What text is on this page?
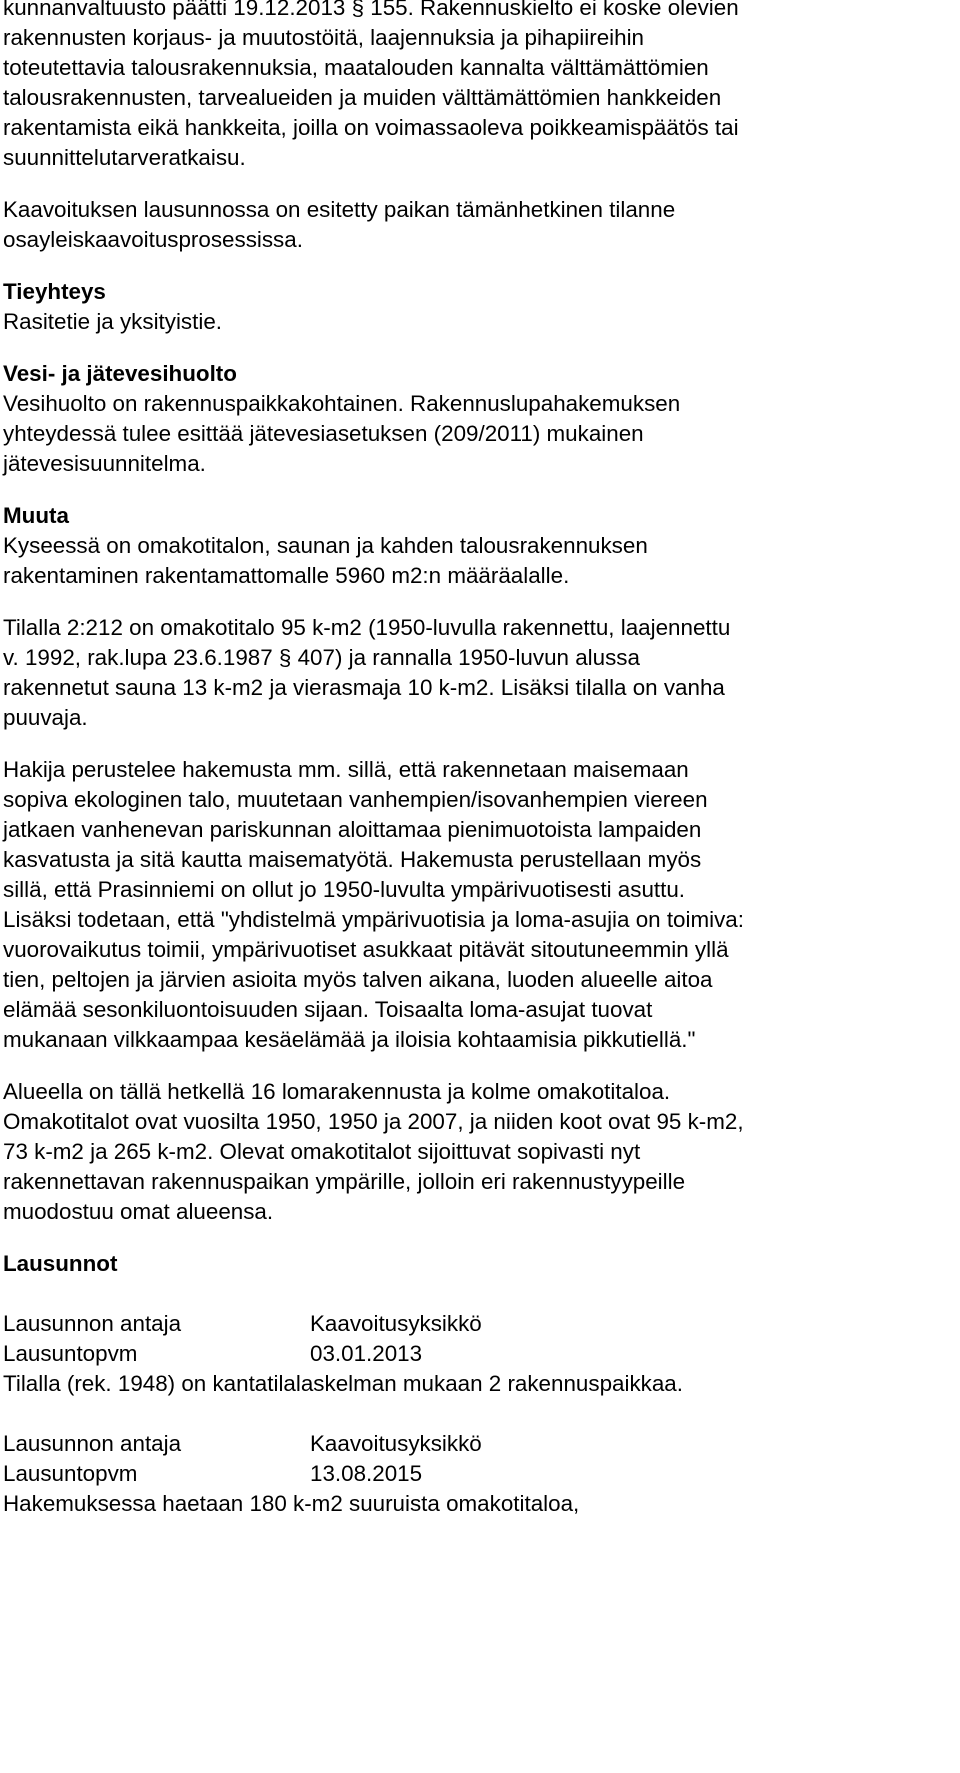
kunnanvaltuusto päätti 19.12.2013 § 155. Rakennuskielto ei koske olevien
rakennusten korjaus- ja muutostöitä, laajennuksia ja pihapiireihin
toteutettavia talousrakennuksia, maatalouden kannalta välttämättömien
talousrakennusten, tarvealueiden ja muiden välttämättömien hankkeiden
rakentamista eikä hankkeita, joilla on voimassaoleva poikkeamispäätös tai
suunnittelutarveratkaisu.
Kaavoituksen lausunnossa on esitetty paikan tämänhetkinen tilanne
osayleiskaavoitusprosessissa.
Tieyhteys
Rasitetie ja yksityistie.
Vesi- ja jätevesihuolto
Vesihuolto on rakennuspaikkakohtainen. Rakennuslupahakemuksen
yhteydessä tulee esittää jätevesiasetuksen (209/2011) mukainen
jätevesisuunnitelma.
Muuta
Kyseessä on omakotitalon, saunan ja kahden talousrakennuksen
rakentaminen rakentamattomalle 5960 m2:n määräalalle.
Tilalla 2:212 on omakotitalo 95 k-m2 (1950-luvulla rakennettu, laajennettu
v. 1992, rak.lupa 23.6.1987 § 407) ja rannalla 1950-luvun alussa
rakennetut sauna 13 k-m2 ja vierasmaja 10 k-m2. Lisäksi tilalla on vanha
puuvaja.
Hakija perustelee hakemusta mm. sillä, että rakennetaan maisemaan
sopiva ekologinen talo, muutetaan vanhempien/isovanhempien viereen
jatkaen vanhenevan pariskunnan aloittamaa pienimuotoista lampaiden
kasvatusta ja sitä kautta maisematyötä. Hakemusta perustellaan myös
sillä, että Prasinniemi on ollut jo 1950-luvulta ympärivuotisesti asuttu.
Lisäksi todetaan, että "yhdistelmä ympärivuotisia ja loma-asujia on toimiva:
vuorovaikutus toimii, ympärivuotiset asukkaat pitävät sitoutuneemmin yllä
tien, peltojen ja järvien asioita myös talven aikana, luoden alueelle aitoa
elämää sesonkiluontoisuuden sijaan. Toisaalta loma-asujat tuovat
mukanaan vilkkaampaa kesäelämää ja iloisia kohtaamisia pikkutiellä."
Alueella on tällä hetkellä 16 lomarakennusta ja kolme omakotitaloa.
Omakotitalot ovat vuosilta 1950, 1950 ja 2007, ja niiden koot ovat 95 k-m2,
73 k-m2 ja 265 k-m2. Olevat omakotitalot sijoittuvat sopivasti nyt
rakennettavan rakennuspaikan ympärille, jolloin eri rakennustyypeille
muodostuu omat alueensa.
Lausunnot
Lausunnon antaja	Kaavoitusyksikkö
Lausuntopvm	03.01.2013
Tilalla (rek. 1948) on kantatilalaskelman mukaan 2 rakennuspaikkaa.
Lausunnon antaja	Kaavoitusyksikkö
Lausuntopvm	13.08.2015
Hakemuksessa haetaan 180 k-m2 suuruista omakotitaloa,
